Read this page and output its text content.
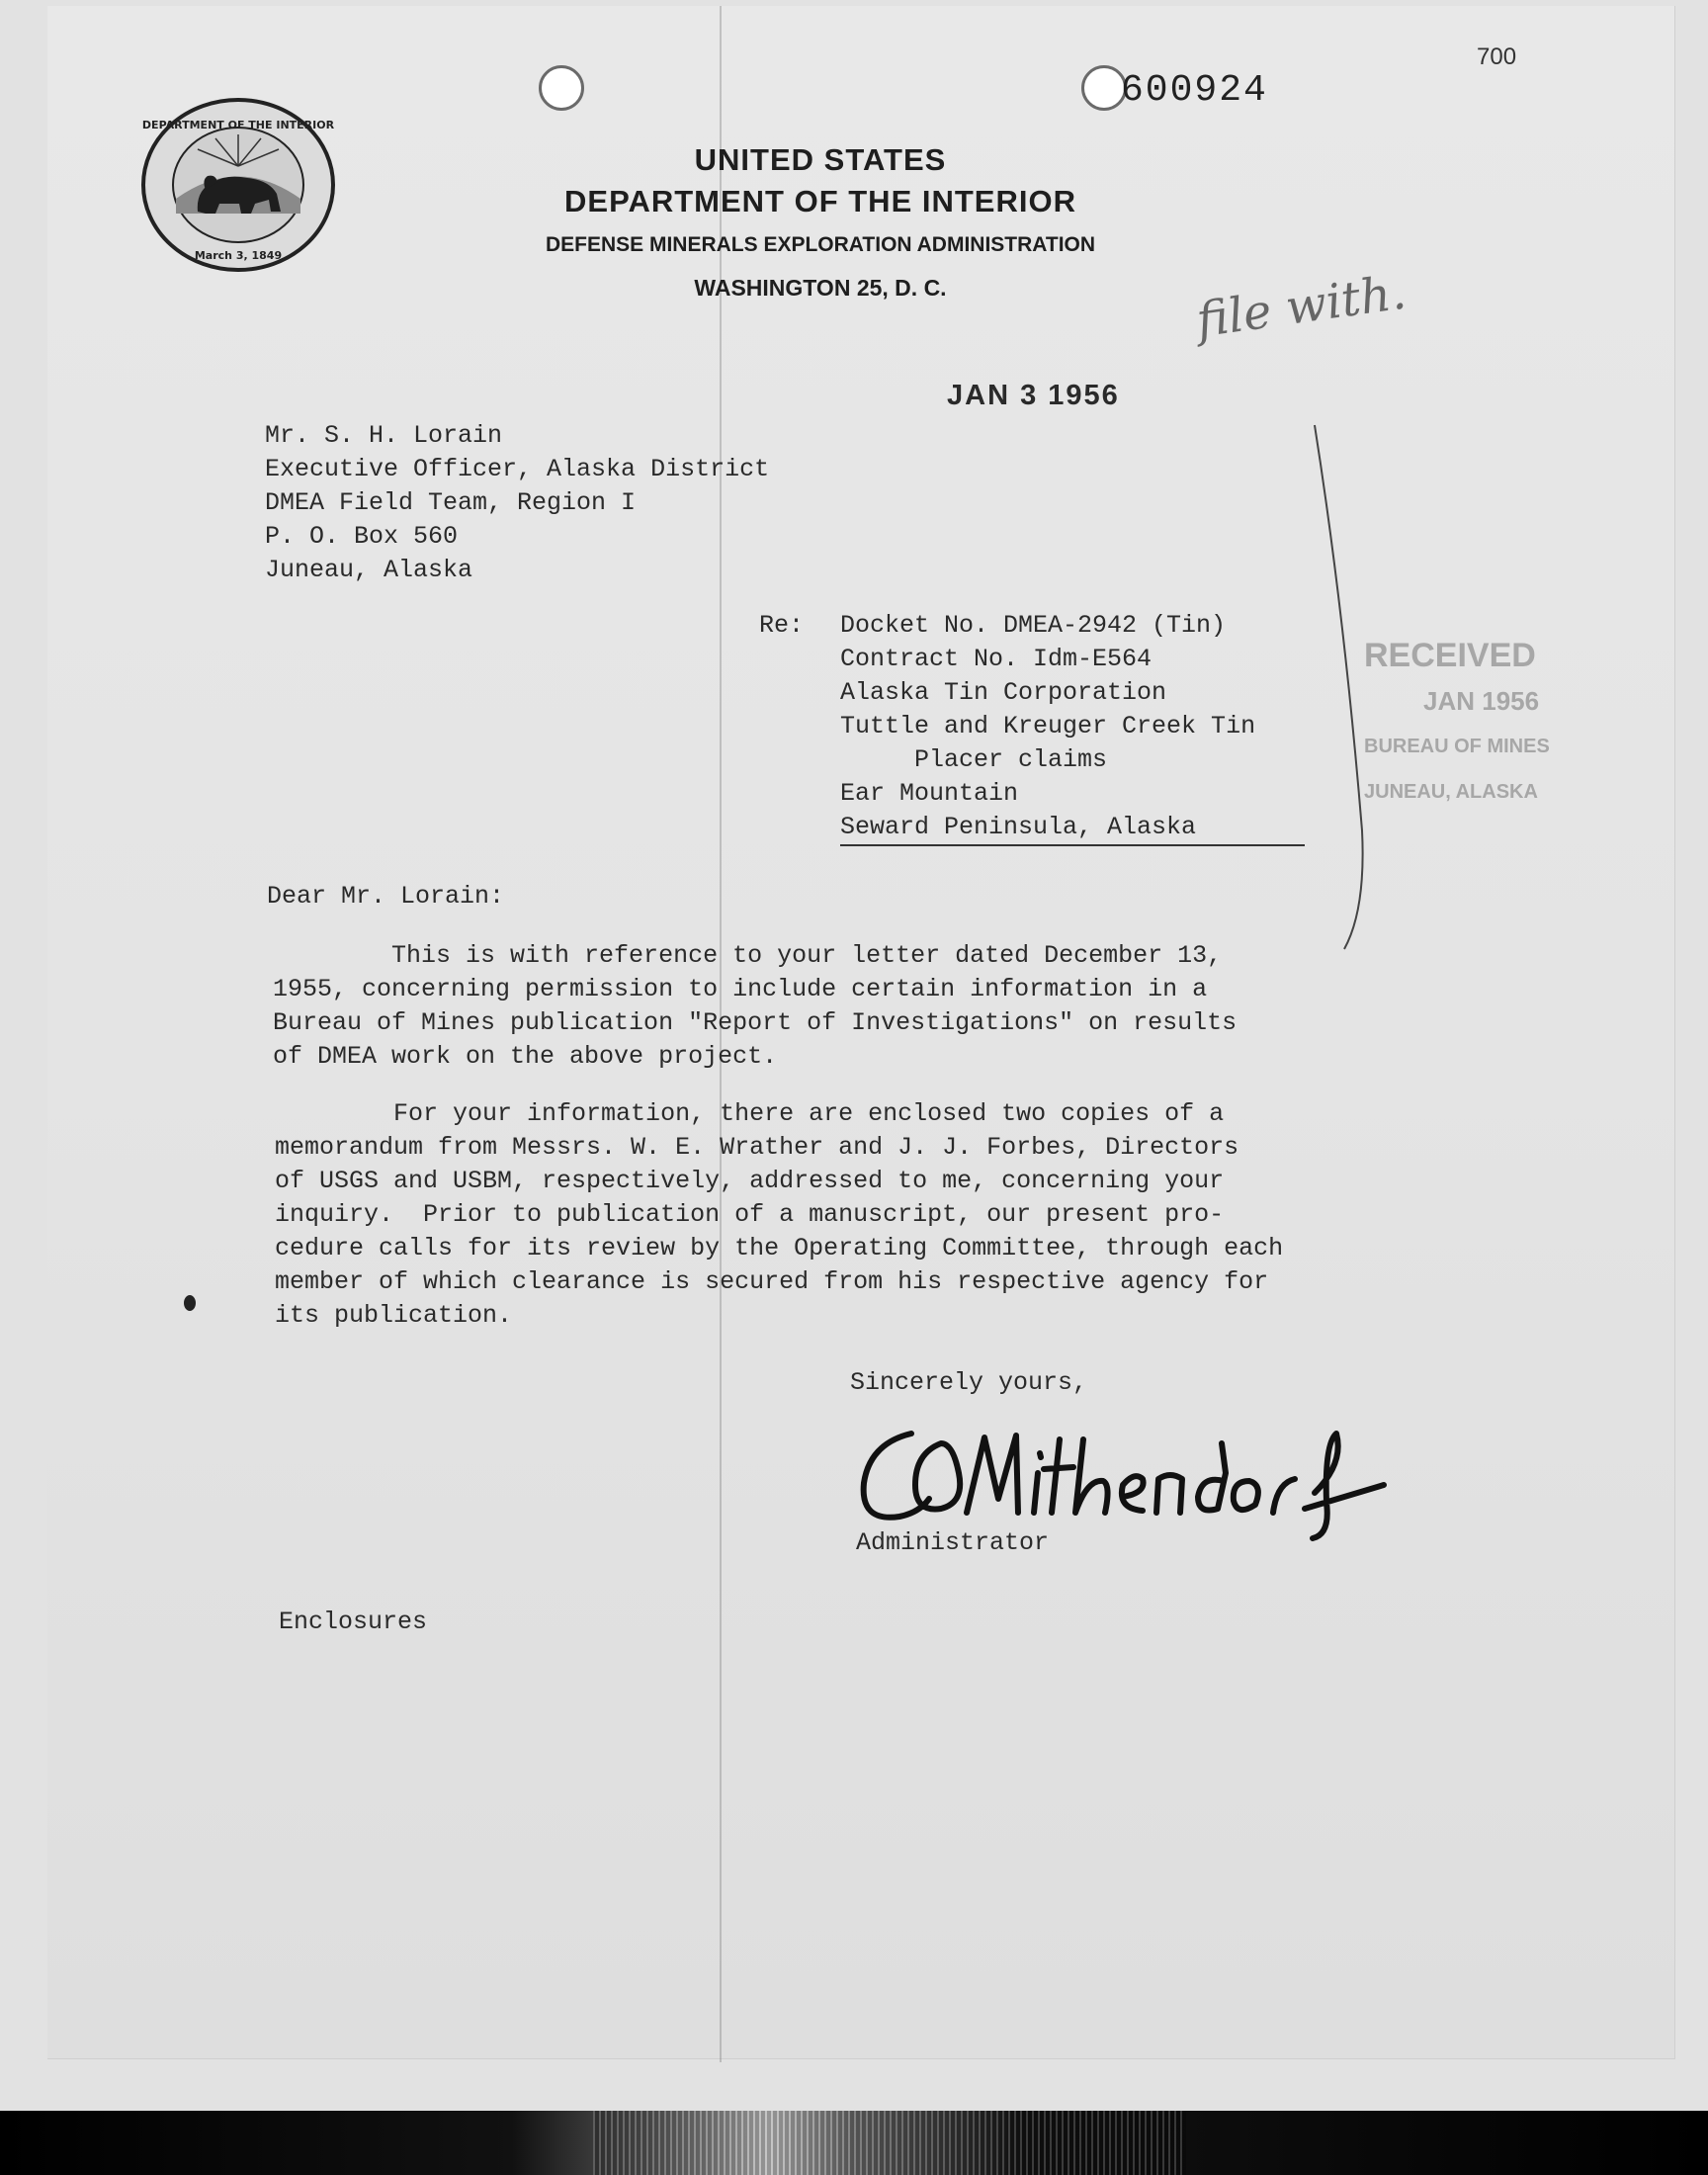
700
600924
DEPARTMENT OF THE INTERIOR
March 3, 1849
UNITED STATES
DEPARTMENT OF THE INTERIOR
DEFENSE MINERALS EXPLORATION ADMINISTRATION
WASHINGTON 25, D. C.	file with.
JAN 3 1956
RECEIVED
JAN 1956
BUREAU OF MINES
JUNEAU, ALASKA
Mr. S. H. Lorain
Executive Officer, Alaska District
DMEA Field Team, Region I
P. O. Box 560
Juneau, Alaska
Re: Docket No. DMEA-2942 (Tin)
Contract No. Idm-E564
Alaska Tin Corporation
Tuttle and Kreuger Creek Tin
Placer claims
Ear Mountain
Seward Peninsula, Alaska
Dear Mr. Lorain:
This is with reference to your letter dated December 13,
1955, concerning permission to include certain information in a
Bureau of Mines publication "Report of Investigations" on results
of DMEA work on the above project.
For your information, there are enclosed two copies of a
memorandum from Messrs. W. E. Wrather and J. J. Forbes, Directors
of USGS and USBM, respectively, addressed to me, concerning your
inquiry.  Prior to publication of a manuscript, our present pro-
cedure calls for its review by the Operating Committee, through each
member of which clearance is secured from his respective agency for
its publication.
Sincerely yours,
Administrator
Enclosures
